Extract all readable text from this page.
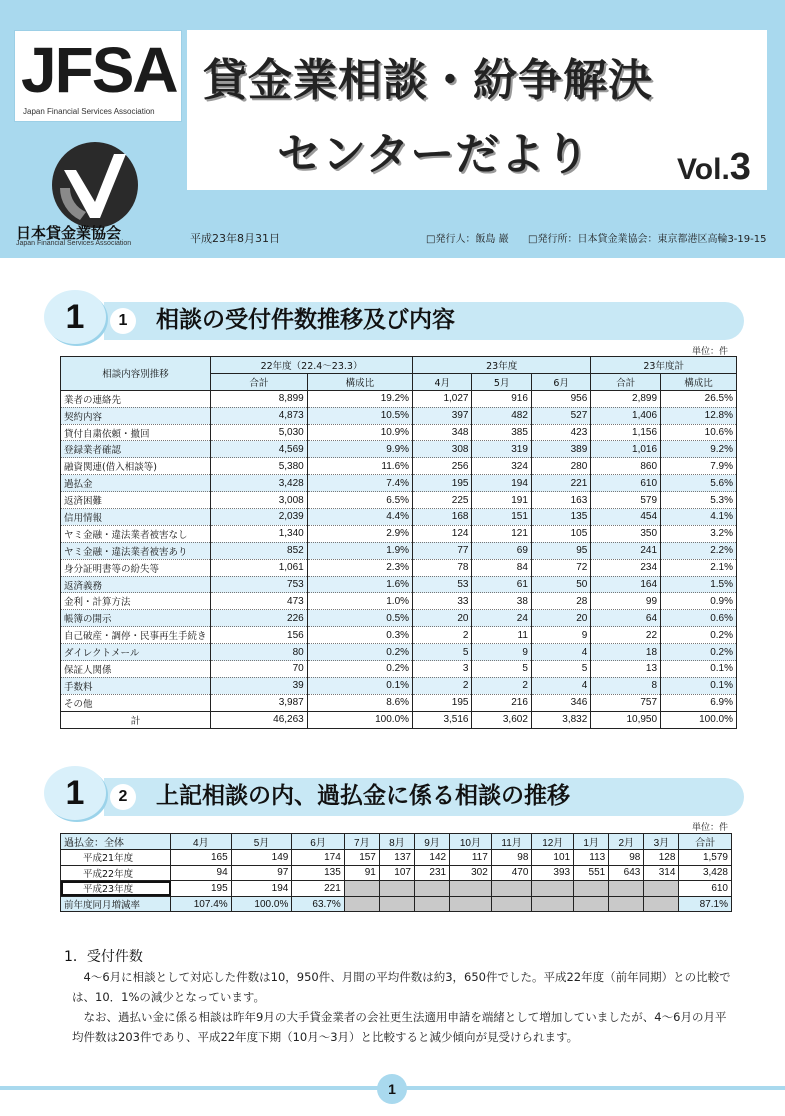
JFSA
Japan Financial Services Association
日本貸金業協会
Japan Financial Services Association
貸金業相談・紛争解決
センターだより	Vol.3
平成23年8月31日	□発行人：飯島 巖 □発行所：日本貸金業協会：東京都港区高輪3-19-15
1	1	相談の受付件数推移及び内容
単位：件
相談内容別推移	22年度（22.4～23.3）		23年度			23年度計	
	合計	構成比	4月	5月	6月	合計	構成比
業者の連絡先	8,899	19.2%	1,027	916	956	2,899	26.5%
契約内容	4,873	10.5%	397	482	527	1,406	12.8%
貸付自粛依頼・撤回	5,030	10.9%	348	385	423	1,156	10.6%
登録業者確認	4,569	9.9%	308	319	389	1,016	9.2%
融資関連(借入相談等)	5,380	11.6%	256	324	280	860	7.9%
過払金	3,428	7.4%	195	194	221	610	5.6%
返済困難	3,008	6.5%	225	191	163	579	5.3%
信用情報	2,039	4.4%	168	151	135	454	4.1%
ヤミ金融・違法業者被害なし	1,340	2.9%	124	121	105	350	3.2%
ヤミ金融・違法業者被害あり	852	1.9%	77	69	95	241	2.2%
身分証明書等の紛失等	1,061	2.3%	78	84	72	234	2.1%
返済義務	753	1.6%	53	61	50	164	1.5%
金利・計算方法	473	1.0%	33	38	28	99	0.9%
帳簿の開示	226	0.5%	20	24	20	64	0.6%
自己破産・調停・民事再生手続き	156	0.3%	2	11	9	22	0.2%
ダイレクトメール	80	0.2%	5	9	4	18	0.2%
保証人関係	70	0.2%	3	5	5	13	0.1%
手数料	39	0.1%	2	2	4	8	0.1%
その他	3,987	8.6%	195	216	346	757	6.9%
計	46,263	100.0%	3,516	3,602	3,832	10,950	100.0%
1	2	上記相談の内、過払金に係る相談の推移
単位：件
過払金：全体	4月	5月	6月	7月	8月	9月	10月	11月	12月	1月	2月	3月	合計
平成21年度	165	149	174	157	137	142	117	98	101	113	98	128	1,579
平成22年度	94	97	135	91	107	231	302	470	393	551	643	314	3,428
平成23年度	195	194	221										610
前年度同月増減率	107.4%	100.0%	63.7%										87.1%
1．受付件数
4～6月に相談として対応した件数は10，950件、月間の平均件数は約3，650件でした。平成22年度（前年同期）との比較では、10．1%の減少となっています。
なお、過払い金に係る相談は昨年9月の大手貸金業者の会社更生法適用申請を端緒として増加していましたが、4～6月の月平均件数は203件であり、平成22年度下期（10月～3月）と比較すると減少傾向が見受けられます。
1
